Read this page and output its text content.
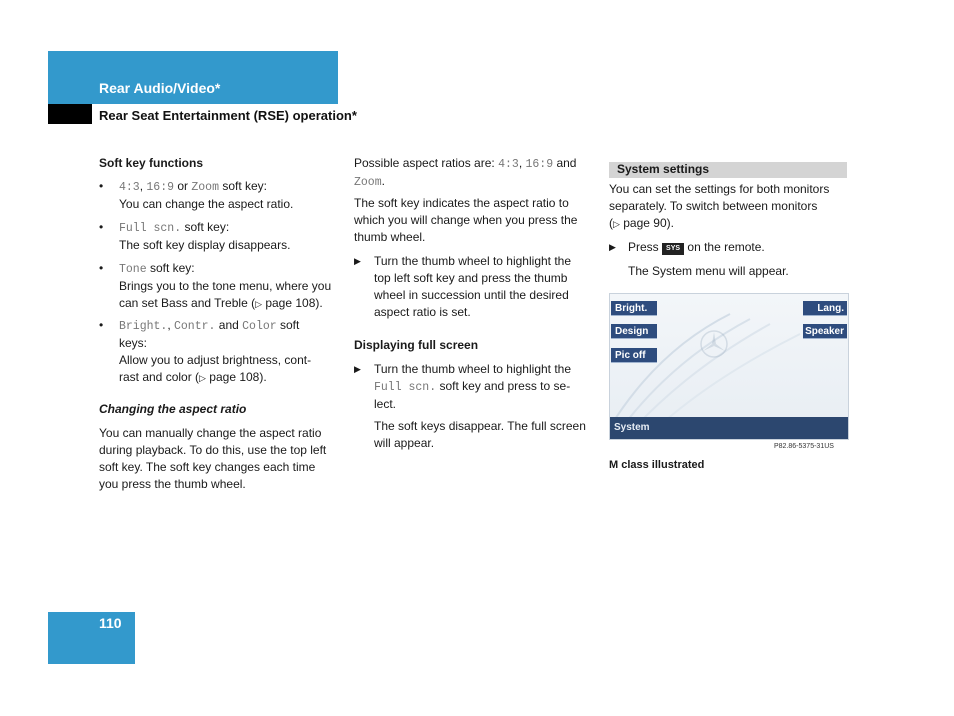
Rear Audio/Video*
Rear Seat Entertainment (RSE) operation*
Soft key functions
•	4:3, 16:9 or Zoom soft key:
You can change the aspect ratio.
•	Full scn. soft key:
The soft key display disappears.
•	Tone soft key:
Brings you to the tone menu, where you
can set Bass and Treble (▷ page 108).
•	Bright., Contr. and Color soft
keys:
Allow you to adjust brightness, cont-
rast and color (▷ page 108).
Changing the aspect ratio
You can manually change the aspect ratio
during playback. To do this, use the top left
soft key. The soft key changes each time
you press the thumb wheel.
Possible aspect ratios are: 4:3, 16:9 and
Zoom.
The soft key indicates the aspect ratio to
which you will change when you press the
thumb wheel.
▶ Turn the thumb wheel to highlight the
top left soft key and press the thumb
wheel in succession until the desired
aspect ratio is set.
Displaying full screen
▶ Turn the thumb wheel to highlight the
Full scn. soft key and press to se-
lect.
The soft keys disappear. The full screen
will appear.
System settings
You can set the settings for both monitors
separately. To switch between monitors
(▷ page 90).
▶	Press SYS on the remote.
The System menu will appear.
Bright.
Design
Pic off
Lang.
Speaker
System
P82.86-5375-31US
M class illustrated
110
